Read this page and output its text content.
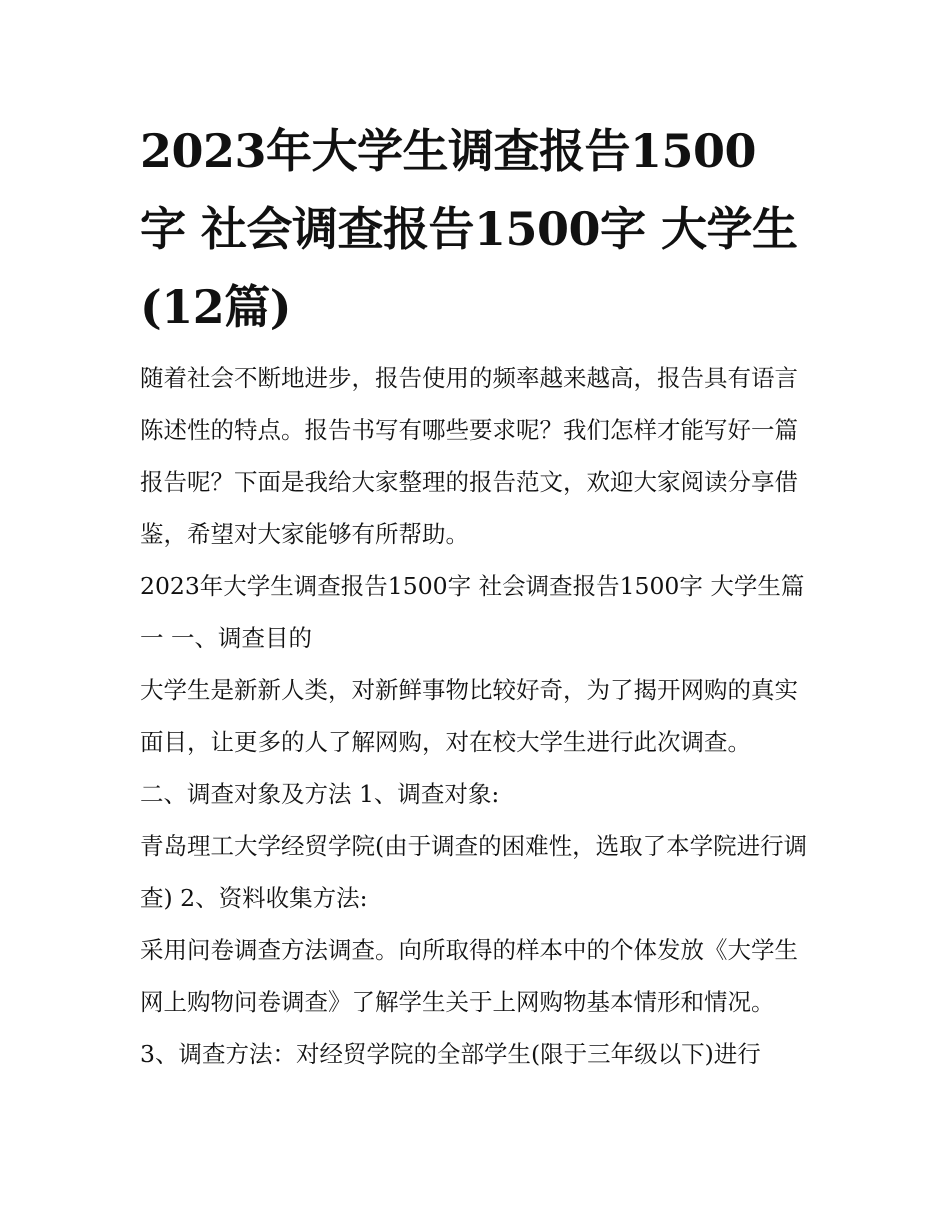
2023年大学生调查报告1500字 社会调查报告1500字 大学生(12篇)

随着社会不断地进步，报告使用的频率越来越高，报告具有语言陈述性的特点。报告书写有哪些要求呢？我们怎样才能写好一篇报告呢？下面是我给大家整理的报告范文，欢迎大家阅读分享借鉴，希望对大家能够有所帮助。

2023年大学生调查报告1500字 社会调查报告1500字 大学生篇一 一、调查目的

大学生是新新人类，对新鲜事物比较好奇，为了揭开网购的真实面目，让更多的人了解网购，对在校大学生进行此次调查。

二、调查对象及方法 1、调查对象:

青岛理工大学经贸学院(由于调查的困难性，选取了本学院进行调查) 2、资料收集方法:

采用问卷调查方法调查。向所取得的样本中的个体发放《大学生网上购物问卷调查》了解学生关于上网购物基本情形和情况。

3、调查方法：对经贸学院的全部学生(限于三年级以下)进行
